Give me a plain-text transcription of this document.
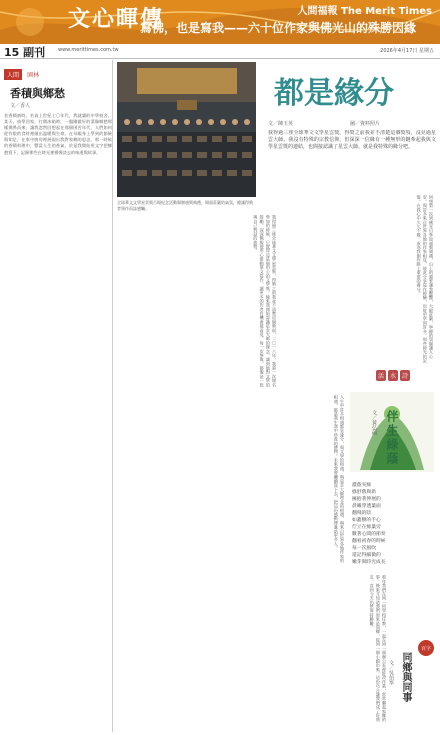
文心暉傳
寫佛，也是寫我——六十位作家與佛光山的殊勝因緣
人間福報 The Merit Times
15 副刊	www.merittimes.com.tw	2026年4月17日 星期五
人間 園林
香積與鄉愁
文／香人
昔香積廚時，若貪上世紀七〇年代，我就讀的中學校舍。某天，放學回家，打開冰箱時，一盤剛做好的菜像鄉愁那樣撲鼻而來，讓我忽然回想起在那個困苦年代，人們如何從有限的食材裡做出溫暖與生命。在母親身上學到的節儉與知足，在家中廚房裡展現出我對家鄉的思念。那一時候的香積料理中，豐富人生的香氣，於是我開始用文字把鄉愁寫下，記錄那些在時光裡慢慢淡去的味道與故事。
全球華文文學星雲獎百場紀念活動舉辦頒獎典禮，場面莊嚴的氣氛，總讓得獎者領作而誌感觸。
都是緣分
文／陳玉英	圖／資料照片
我得過三座全球華文文學星雲獎，得獎之前我並不清楚這個獎項，沒見過星雲大師。我沒有特殊的宗教信仰，但深深一信緣有一種無形的鏈牽起我與文學星雲獎的連結，也間接認識了星雲大師。就是我特殊的緣分吧。
我得過三座全球華文文學星雲獎，得獎之前我並不清楚這個獎項，二〇一六年，我第一次報名參加的時候，只覺得這是個用心的文學獎。後來我開始認識星雲大師的理念，讀到他對文學的鼓勵，深深佩服他用心推動華文寫作，讓更多的作者有機會被看見。每一次參與，都像是一段與自己對話的旅程。	回想第一次到佛光山參加頒獎典禮，山上的風景讓我驚艷，大殿莊嚴，寧靜的氛圍讓人心安。與許多來自世界各地的作家相見，彼此分享寫作經驗，也從中學到許多。那些時光的記憶，在我心中久久不散，成為我創作路上重要的養分。
人生中許多相遇都是緣分，與文學的相遇、與星雲大師理念的相遇、與來自世界各地作家的相遇，都是我生命中珍貴的禮物。未來我會繼續寫下去，把這份感動傳遞給更多人。
活	水	詩
伴生綠蔭
文／黃弘碩
濃蔭夾綠
綠舒舊與新
擁抱著伸展的
晨曦穿透葉面
翻飛的陰
如蓋樹的手心
佇立在綠葉旁
數著心間的節奏
翻看初春的時候
每一次風吹
還記得細微的
嫩芽與時光成長
那年我們在同一所學校任教，一起在同一個辦公室裡批改作業，常常聊起家鄉的事。後來才知道我們原來是同鄉，從同一個小鎮出來。這份巧合讓我們成了好朋友，直到今天仍然保持聯繫。
百字
同鄉與同事
文／吳伯寧
